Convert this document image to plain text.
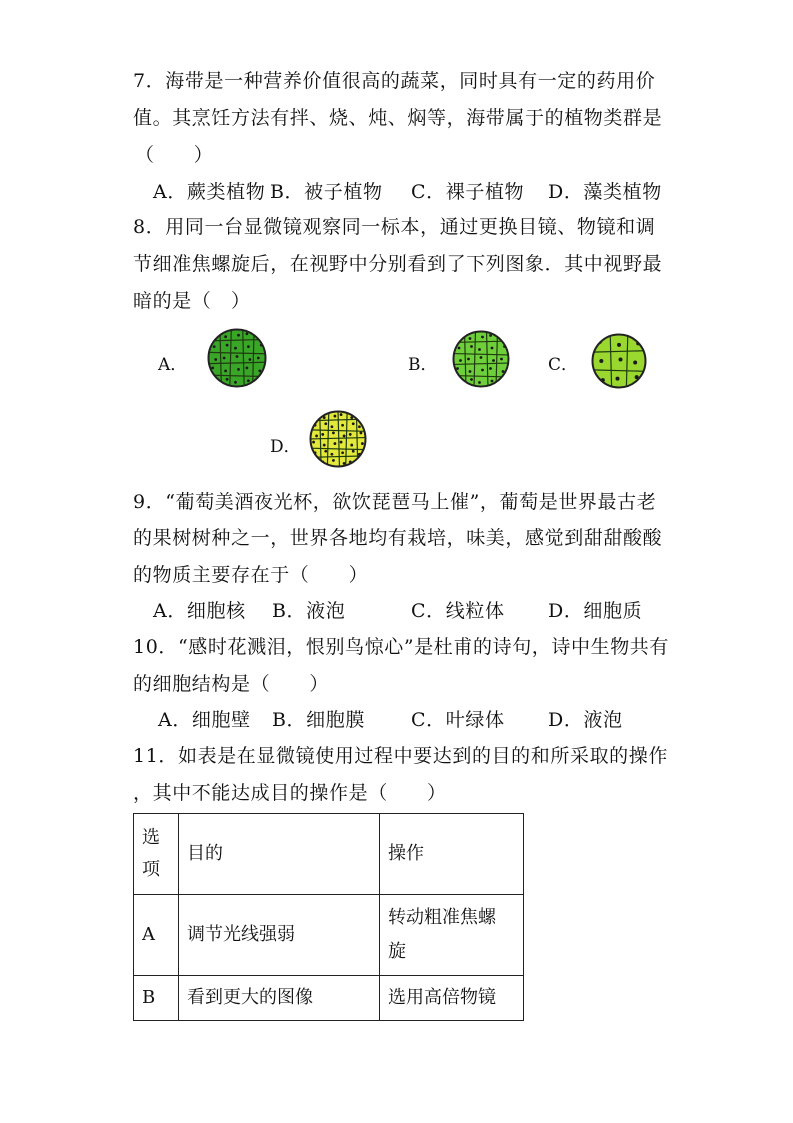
7．海带是一种营养价值很高的蔬菜，同时具有一定的药用价
值。其烹饪方法有拌、烧、炖、焖等，海带属于的植物类群是
（　　）
A．蕨类植物 B．被子植物 C．裸子植物 D．藻类植物
8．用同一台显微镜观察同一标本，通过更换目镜、物镜和调
节细准焦螺旋后，在视野中分别看到了下列图象．其中视野最
暗的是（　）
A．	B．	C．
D．
9．“葡萄美酒夜光杯，欲饮琵琶马上催”，葡萄是世界最古老
的果树树种之一，世界各地均有栽培，味美，感觉到甜甜酸酸
的物质主要存在于（　　）
A．细胞核 B．液泡	C．线粒体 D．细胞质
10．“感时花溅泪，恨别鸟惊心”是杜甫的诗句，诗中生物共有
的细胞结构是（　　）
A．细胞壁 B．细胞膜 C．叶绿体 D．液泡
11．如表是在显微镜使用过程中要达到的目的和所采取的操作
，其中不能达成目的操作是（　　）
选
项	目的	操作
A	调节光线强弱	转动粗准焦螺
旋
B	看到更大的图像	选用高倍物镜
